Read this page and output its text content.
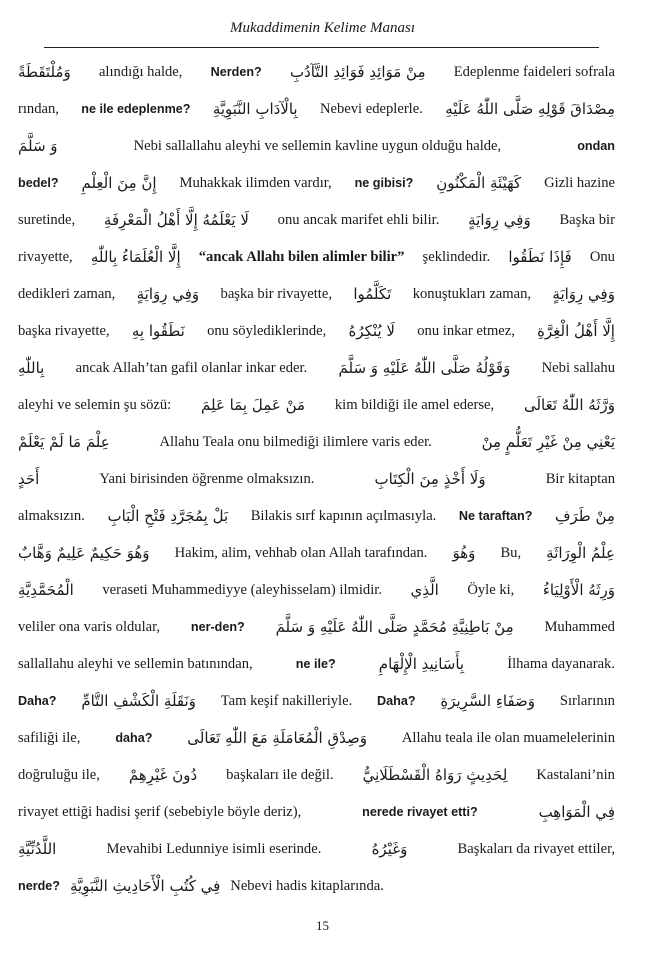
Mukaddimenin Kelime Manası
وَمُلْتَقَطَةً alındığı halde, Nerden? مِنْ مَوَائِدِ فَوَائِدِ التَّآدُبِ Edeplenme faideleri sofrala
rından, ne ile edeplenme? بِالْآدَابِ النَّبَوِيَّةِ Nebevi edeplerle. مِصْدَاقَ قَوْلِهِ صَلَّى اللّٰهُ عَلَيْهِ
وَ سَلَّمَ	Nebi sallallahu aleyhi ve sellemin kavline uygun olduğu halde,	ondan
bedel? إِنَّ مِنَ الْعِلْمِ Muhakkak ilimden vardır, ne gibisi? كَهَيْئَةِ الْمَكْنُونِ Gizli hazine
suretinde, لَا يَعْلَمُهُ إِلَّا أَهْلُ الْمَعْرِفَةِ onu ancak marifet ehli bilir. وَفِي رِوَايَةٍ Başka bir
rivayette, إِلَّا الْعُلَمَاءُ بِاللّٰهِ “ancak Allahı bilen alimler bilir” şeklindedir. فَإِذَا نَطَقُوا Onu
dedikleri zaman, وَفِي رِوَايَةٍ başka bir rivayette, تَكَلَّمُوا konuştukları zaman, وَفِي رِوَايَةٍ
başka rivayette, نَطَقُوا بِهِ onu söylediklerinde, لَا يُنْكِرُهُ onu inkar etmez, إِلَّا أَهْلُ الْغِرَّةِ
بِاللّٰهِ ancak Allah’tan gafil olanlar inkar eder. وَقَوْلُهُ صَلَّى اللّٰهُ عَلَيْهِ وَ سَلَّمَ Nebi sallahu
aleyhi ve selemin şu sözü: مَنْ عَمِلَ بِمَا عَلِمَ kim bildiği ile amel ederse, وَرَّثَهُ اللّٰهُ تَعَالَى
عِلْمَ مَا لَمْ يَعْلَمْ	Allahu Teala onu bilmediği ilimlere varis eder.	يَعْنِي مِنْ غَيْرِ تَعَلُّمٍ مِنْ
أَحَدٍ	Yani birisinden öğrenme olmaksızın.	وَلَا أَخْذٍ مِنَ الْكِتَابِ	Bir kitaptan
almaksızın. بَلْ بِمُجَرَّدِ فَتْحِ الْبَابِ Bilakis sırf kapının açılmasıyla. Ne taraftan? مِنْ طَرَفِ
وَهُوَ حَكِيمٌ عَلِيمٌ وَهَّابٌ Hakim, alim, vehhab olan Allah tarafından. وَهُوَ Bu, عِلْمُ الْوِرَاثَةِ
الْمُحَمَّدِيَّةِ veraseti Muhammediyye (aleyhisselam) ilmidir. الَّذِي Öyle ki, وَرِثَهُ الْأَوْلِيَاءُ
veliler ona varis oldular, ner-den? مِنْ بَاطِنِيَّةِ مُحَمَّدٍ صَلَّى اللّٰهُ عَلَيْهِ وَ سَلَّمَ Muhammed
sallallahu aleyhi ve sellemin batınından,	ne ile?	بِأَسَانِيدِ الْإِلْهَامِ	İlhama dayanarak.
Daha? وَنَقَلَةِ الْكَشْفِ التَّامِّ Tam keşif nakilleriyle. Daha? وَصَفَاءِ السَّرِيرَةِ Sırlarının
safiliği ile,	daha? وَصِدْقِ الْمُعَامَلَةِ مَعَ اللّٰهِ تَعَالَى Allahu teala ile olan muamelelerinin
doğruluğu ile, دُونَ غَيْرِهِمْ başkaları ile değil. لِحَدِيثٍ رَوَاهُ الْقَسْطَلَانِيُّ Kastalani’nin
rivayet ettiği hadisi şerif (sebebiyle böyle deriz),	nerede rivayet etti?	فِي الْمَوَاهِبِ
اللَّدُنِّيَّةِ	Mevahibi Ledunniye isimli eserinde.	وَغَيْرُهُ	Başkaları da rivayet ettiler,
nerde? فِي كُتُبِ الْأَحَادِيثِ النَّبَوِيَّةِ Nebevi hadis kitaplarında.
15
